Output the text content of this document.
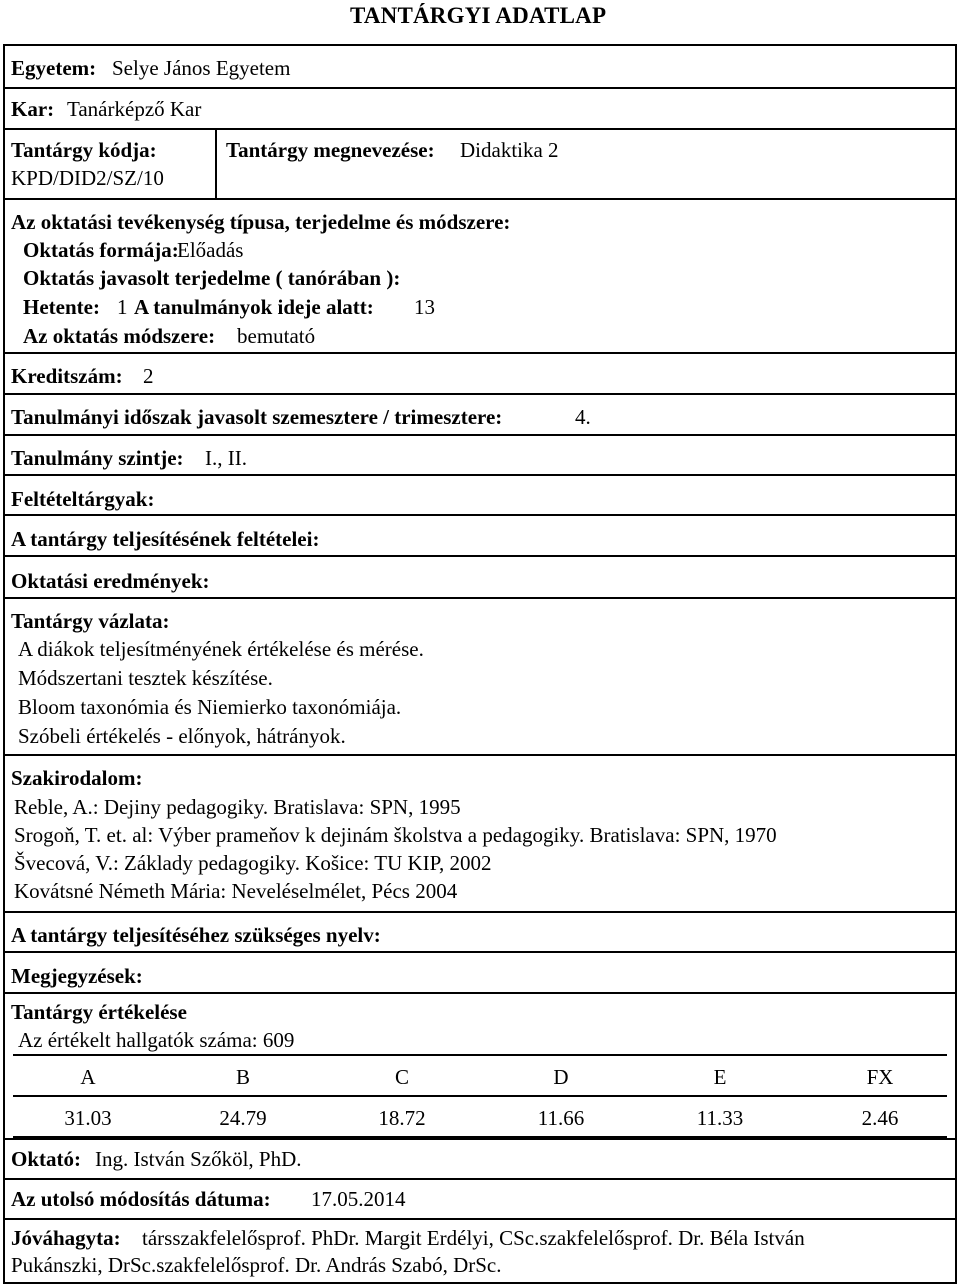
TANTÁRGYI ADATLAP
Egyetem: Selye János Egyetem
Kar: Tanárképző Kar
Tantárgy kódja:
KPD/DID2/SZ/10
Tantárgy megnevezése: Didaktika 2
Az oktatási tevékenység típusa, terjedelme és módszere:
Oktatás formája:
Előadás
Oktatás javasolt terjedelme ( tanórában ):
Hetente: 1 A tanulmányok ideje alatt: 13
Az oktatás módszere: bemutató
Kreditszám: 2
Tanulmányi időszak javasolt szemesztere / trimesztere:	4.
Tanulmány szintje: I., II.
Feltételtárgyak:
A tantárgy teljesítésének feltételei:
Oktatási eredmények:
Tantárgy vázlata:
A diákok teljesítményének értékelése és mérése.
Módszertani tesztek készítése.
Bloom taxonómia és Niemierko taxonómiája.
Szóbeli értékelés - előnyok, hátrányok.
Szakirodalom:
Reble, A.: Dejiny pedagogiky. Bratislava: SPN, 1995
Srogoň, T. et. al: Výber prameňov k dejinám školstva a pedagogiky. Bratislava: SPN, 1970
Švecová, V.: Základy pedagogiky. Košice: TU KIP, 2002
Kovátsné Németh Mária: Neveléselmélet, Pécs 2004
A tantárgy teljesítéséhez szükséges nyelv:
Megjegyzések:
Tantárgy értékelése
Az értékelt hallgatók száma: 609
A	B	C	D	E	FX
31.03	24.79	18.72	11.66	11.33	2.46
Oktató: Ing. István Szőköl, PhD.
Az utolsó módosítás dátuma: 17.05.2014
Jóváhagyta: társszakfelelősprof. PhDr. Margit Erdélyi, CSc.szakfelelősprof. Dr. Béla István
Pukánszki, DrSc.szakfelelősprof. Dr. András Szabó, DrSc.
